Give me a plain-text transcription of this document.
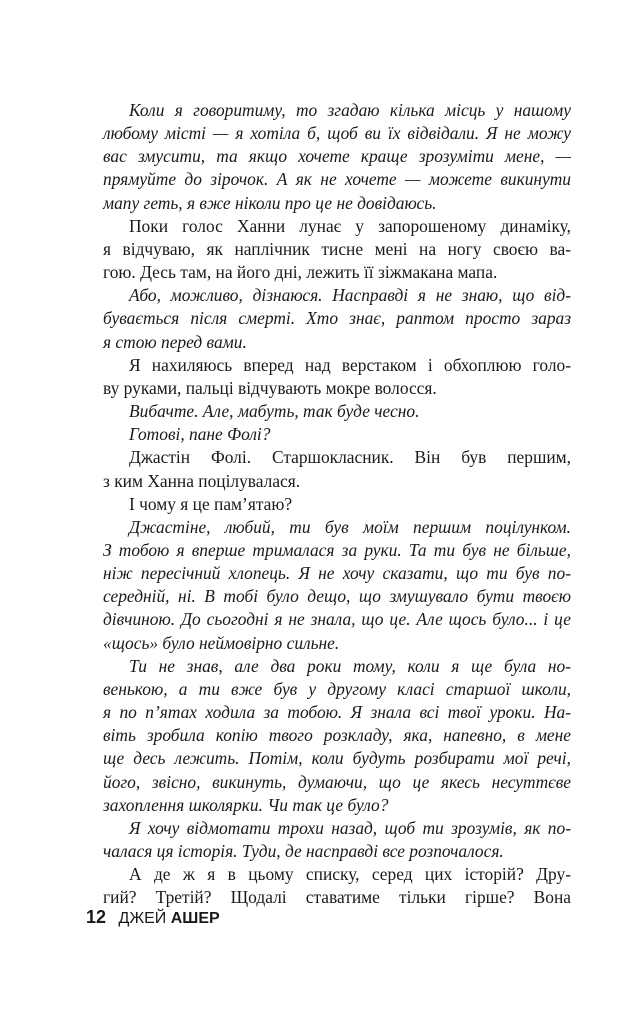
Коли я говоритиму, то згадаю кілька місць у нашому
любому місті — я хотіла б, щоб ви їх відвідали. Я не можу
вас змусити, та якщо хочете краще зрозуміти мене, —
прямуйте до зірочок. А як не хочете — можете викинути
мапу геть, я вже ніколи про це не довідаюсь.

Поки голос Ханни лунає у запорошеному динаміку,
я відчуваю, як наплічник тисне мені на ногу своєю ва-
гою. Десь там, на його дні, лежить її зіжмакана мапа.

Або, можливо, дізнаюся. Насправді я не знаю, що від-
бувається після смерті. Хто знає, раптом просто зараз
я стою перед вами.

Я нахиляюсь вперед над верстаком і обхоплюю голо-
ву руками, пальці відчувають мокре волосся.

Вибачте. Але, мабуть, так буде чесно.

Готові, пане Фолі?

Джастін Фолі. Старшокласник. Він був першим,
з ким Ханна поцілувалася.

І чому я це пам’ятаю?

Джастіне, любий, ти був моїм першим поцілунком.
З тобою я вперше трималася за руки. Та ти був не більше,
ніж пересічний хлопець. Я не хочу сказати, що ти був по-
середній, ні. В тобі було дещо, що змушувало бути твоєю
дівчиною. До сьогодні я не знала, що це. Але щось було... і це
«щось» було неймовірно сильне.

Ти не знав, але два роки тому, коли я ще була но-
венькою, а ти вже був у другому класі старшої школи,
я по п’ятах ходила за тобою. Я знала всі твої уроки. На-
віть зробила копію твого розкладу, яка, напевно, в мене
ще десь лежить. Потім, коли будуть розбирати мої речі,
його, звісно, викинуть, думаючи, що це якесь несуттєве
захоплення школярки. Чи так це було?

Я хочу відмотати трохи назад, щоб ти зрозумів, як по-
чалася ця історія. Туди, де насправді все розпочалося.

А де ж я в цьому списку, серед цих історій? Дру-
гий? Третій? Щодалі ставатиме тільки гірше? Вона

12 ДЖЕЙ АШЕР
